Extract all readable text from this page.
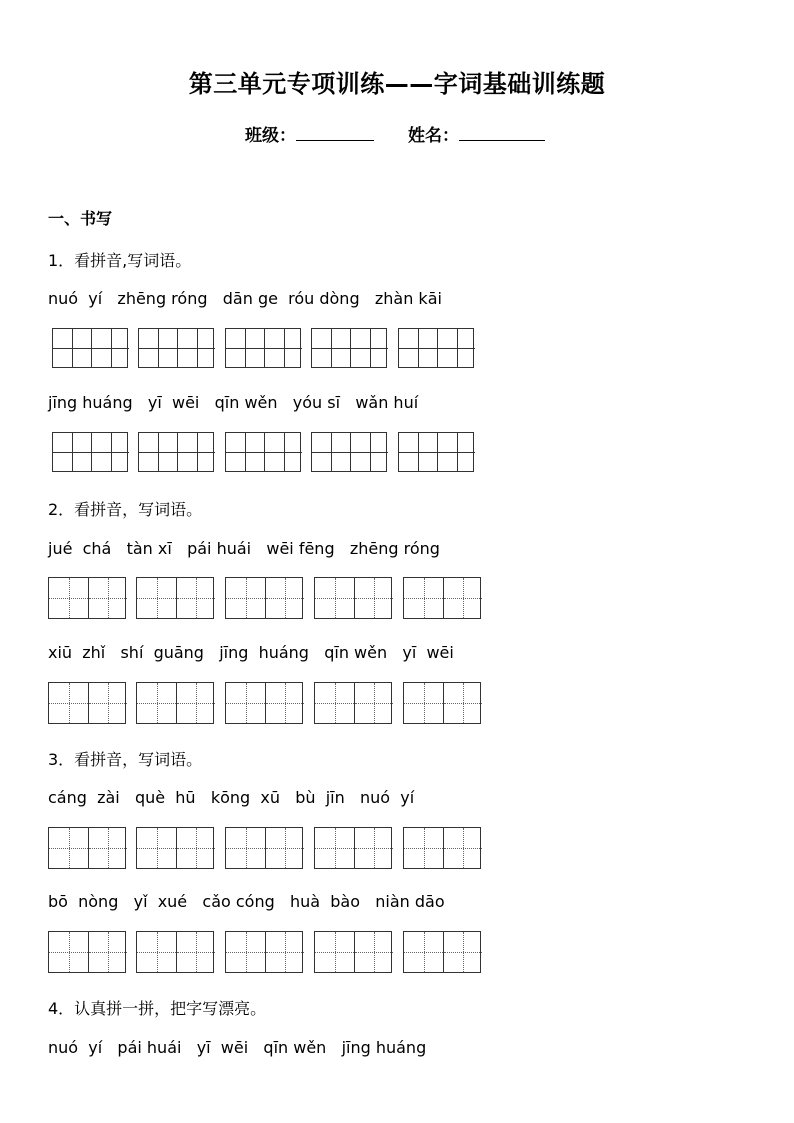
第三单元专项训练——字词基础训练题
班级：	姓名：
一、书写
1．看拼音,写词语。
nuó  yí   zhēng róng   dān ge  róu dòng   zhàn kāi
jīng huáng   yī  wēi   qīn wěn   yóu sī   wǎn huí
2．看拼音，写词语。
jué  chá   tàn xī   pái huái   wēi fēng   zhēng róng
xiū  zhǐ   shí  guāng   jīng  huáng   qīn wěn   yī  wēi
3．看拼音，写词语。
cáng  zài   què  hū   kōng  xū   bù  jīn   nuó  yí
bō  nòng   yǐ  xué   cǎo cóng   huà  bào   niàn dāo
4．认真拼一拼，把字写漂亮。
nuó  yí   pái huái   yī  wēi   qīn wěn   jīng huáng
